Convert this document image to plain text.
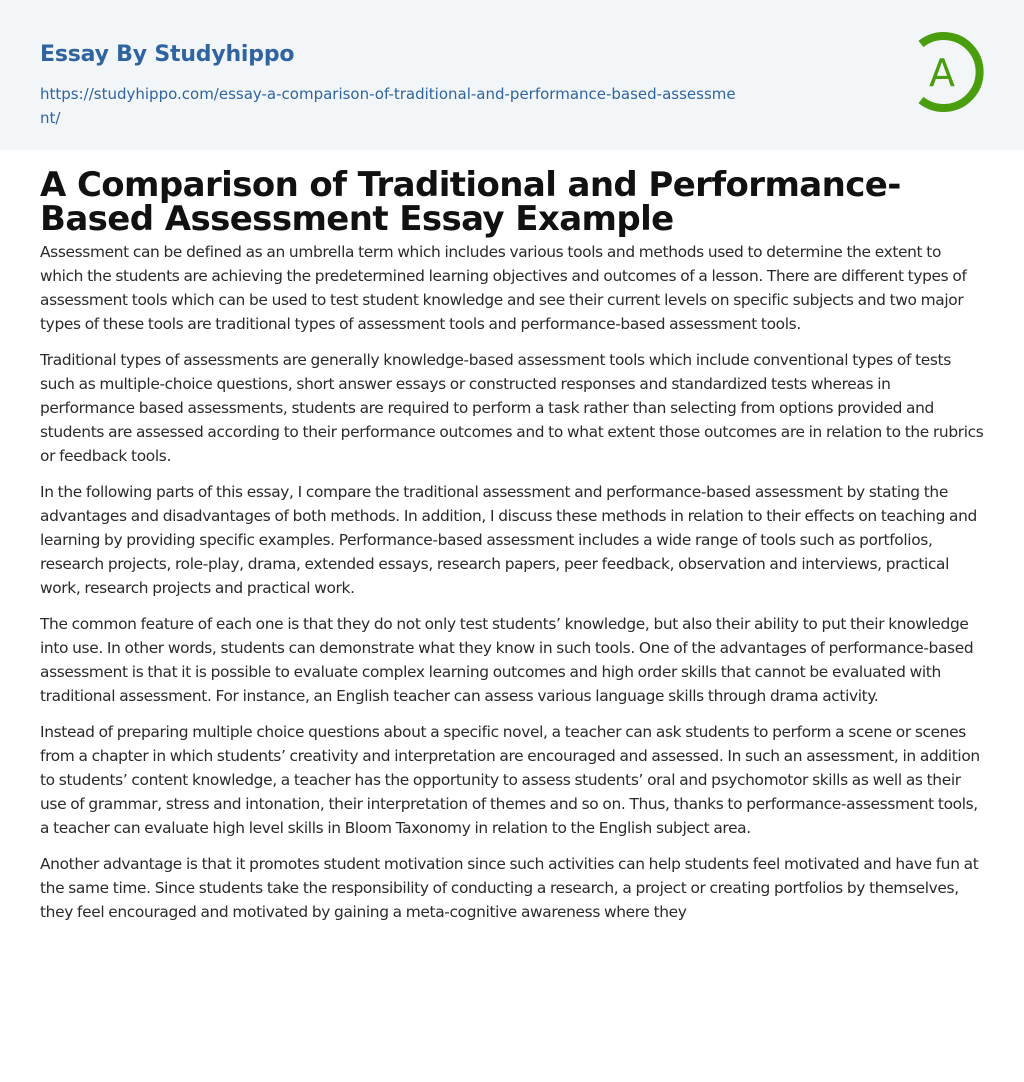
Essay By Studyhippo
https://studyhippo.com/essay-a-comparison-of-traditional-and-performance-based-assessment/
A
A Comparison of Traditional and Performance-Based Assessment Essay Example

Assessment can be defined as an umbrella term which includes various tools and methods used to determine the extent to which the students are achieving the predetermined learning objectives and outcomes of a lesson. There are different types of assessment tools which can be used to test student knowledge and see their current levels on specific subjects and two major types of these tools are traditional types of assessment tools and performance-based assessment tools.

Traditional types of assessments are generally knowledge-based assessment tools which include conventional types of tests such as multiple-choice questions, short answer essays or constructed responses and standardized tests whereas in performance based assessments, students are required to perform a task rather than selecting from options provided and students are assessed according to their performance outcomes and to what extent those outcomes are in relation to the rubrics or feedback tools.

In the following parts of this essay, I compare the traditional assessment and performance-based assessment by stating the advantages and disadvantages of both methods. In addition, I discuss these methods in relation to their effects on teaching and learning by providing specific examples. Performance-based assessment includes a wide range of tools such as portfolios, research projects, role-play, drama, extended essays, research papers, peer feedback, observation and interviews, practical work, research projects and practical work.

The common feature of each one is that they do not only test students’ knowledge, but also their ability to put their knowledge into use. In other words, students can demonstrate what they know in such tools. One of the advantages of performance-based assessment is that it is possible to evaluate complex learning outcomes and high order skills that cannot be evaluated with traditional assessment. For instance, an English teacher can assess various language skills through drama activity.

Instead of preparing multiple choice questions about a specific novel, a teacher can ask students to perform a scene or scenes from a chapter in which students’ creativity and interpretation are encouraged and assessed. In such an assessment, in addition to students’ content knowledge, a teacher has the opportunity to assess students’ oral and psychomotor skills as well as their use of grammar, stress and intonation, their interpretation of themes and so on. Thus, thanks to performance-assessment tools, a teacher can evaluate high level skills in Bloom Taxonomy in relation to the English subject area.

Another advantage is that it promotes student motivation since such activities can help students feel motivated and have fun at the same time. Since students take the responsibility of conducting a research, a project or creating portfolios by themselves, they feel encouraged and motivated by gaining a meta-cognitive awareness where they
